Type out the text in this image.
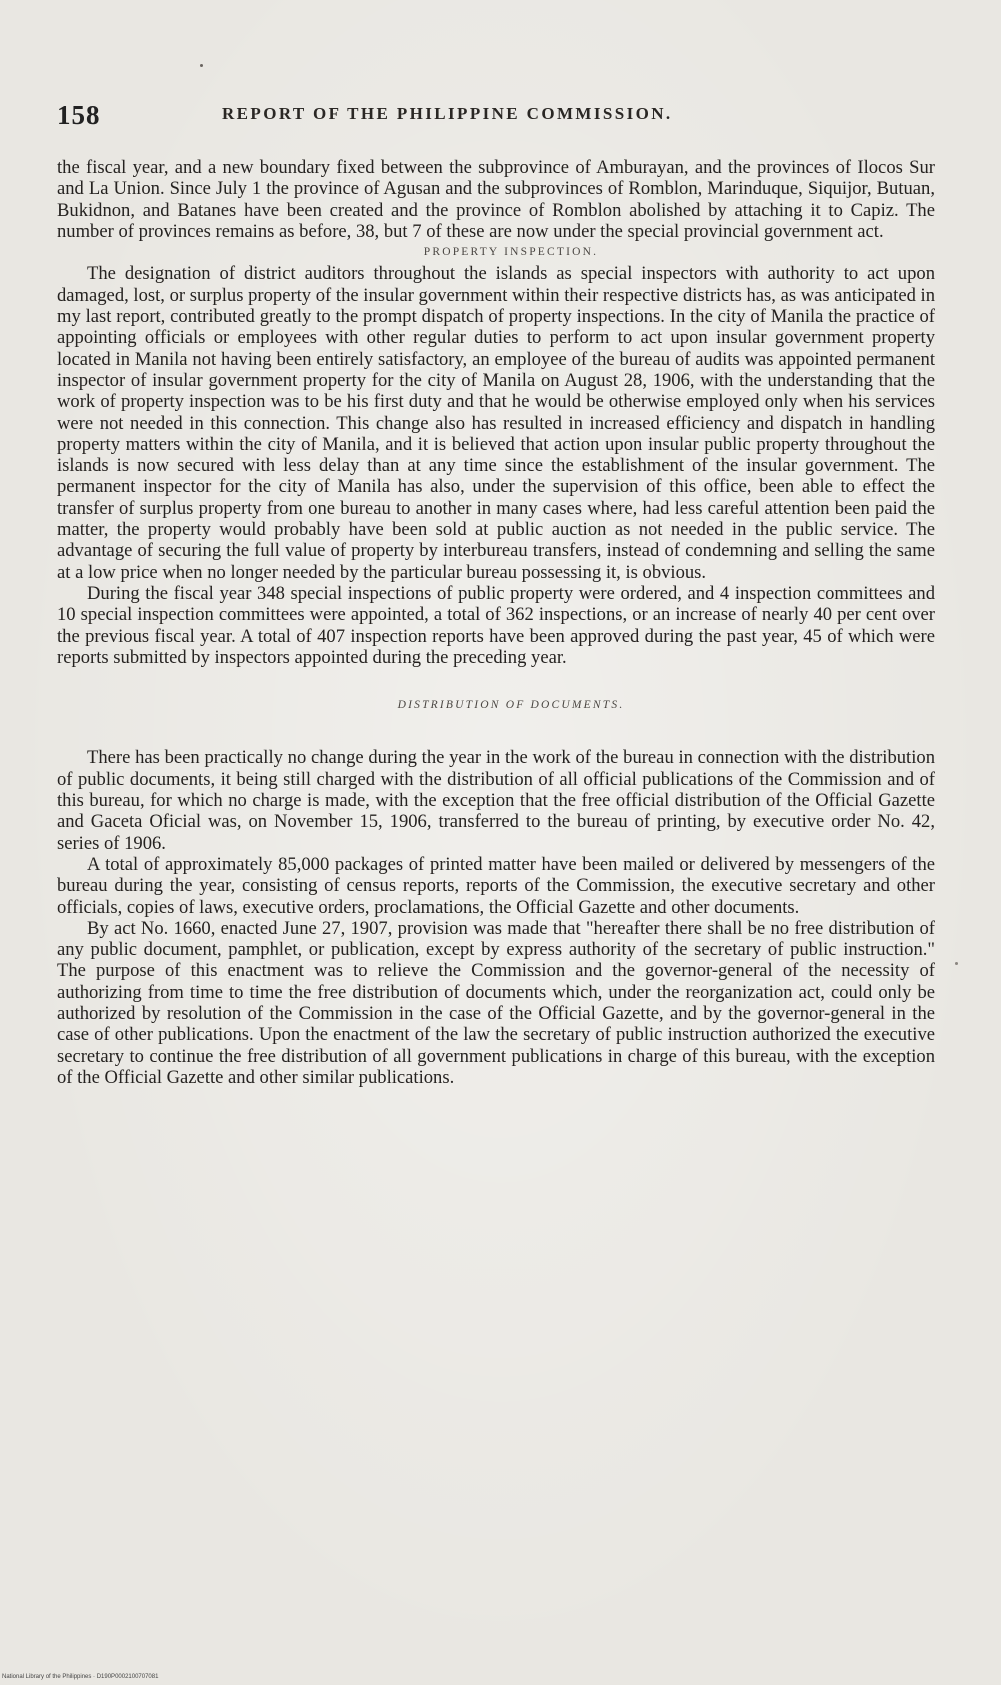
158	REPORT OF THE PHILIPPINE COMMISSION.

the fiscal year, and a new boundary fixed between the subprovince of Amburayan, and the provinces of Ilocos Sur and La Union. Since July 1 the province of Agusan and the subprovinces of Romblon, Marinduque, Siquijor, Butuan, Bukidnon, and Batanes have been created and the province of Romblon abolished by attaching it to Capiz. The number of provinces remains as before, 38, but 7 of these are now under the special provincial government act.

PROPERTY INSPECTION.

The designation of district auditors throughout the islands as special inspectors with authority to act upon damaged, lost, or surplus property of the insular government within their respective districts has, as was anticipated in my last report, contributed greatly to the prompt dispatch of property inspections. In the city of Manila the practice of appointing officials or employees with other regular duties to perform to act upon insular government property located in Manila not having been entirely satisfactory, an employee of the bureau of audits was appointed permanent inspector of insular government property for the city of Manila on August 28, 1906, with the understanding that the work of property inspection was to be his first duty and that he would be otherwise employed only when his services were not needed in this connection. This change also has resulted in increased efficiency and dispatch in handling property matters within the city of Manila, and it is believed that action upon insular public property throughout the islands is now secured with less delay than at any time since the establishment of the insular government. The permanent inspector for the city of Manila has also, under the supervision of this office, been able to effect the transfer of surplus property from one bureau to another in many cases where, had less careful attention been paid the matter, the property would probably have been sold at public auction as not needed in the public service. The advantage of securing the full value of property by interbureau transfers, instead of condemning and selling the same at a low price when no longer needed by the particular bureau possessing it, is obvious.

During the fiscal year 348 special inspections of public property were ordered, and 4 inspection committees and 10 special inspection committees were appointed, a total of 362 inspections, or an increase of nearly 40 per cent over the previous fiscal year. A total of 407 inspection reports have been approved during the past year, 45 of which were reports submitted by inspectors appointed during the preceding year.

DISTRIBUTION OF DOCUMENTS.

There has been practically no change during the year in the work of the bureau in connection with the distribution of public documents, it being still charged with the distribution of all official publications of the Commission and of this bureau, for which no charge is made, with the exception that the free official distribution of the Official Gazette and Gaceta Oficial was, on November 15, 1906, transferred to the bureau of printing, by executive order No. 42, series of 1906.

A total of approximately 85,000 packages of printed matter have been mailed or delivered by messengers of the bureau during the year, consisting of census reports, reports of the Commission, the executive secretary and other officials, copies of laws, executive orders, proclamations, the Official Gazette and other documents.

By act No. 1660, enacted June 27, 1907, provision was made that "hereafter there shall be no free distribution of any public document, pamphlet, or publication, except by express authority of the secretary of public instruction." The purpose of this enactment was to relieve the Commission and the governor-general of the necessity of authorizing from time to time the free distribution of documents which, under the reorganization act, could only be authorized by resolution of the Commission in the case of the Official Gazette, and by the governor-general in the case of other publications. Upon the enactment of the law the secretary of public instruction authorized the executive secretary to continue the free distribution of all government publications in charge of this bureau, with the exception of the Official Gazette and other similar publications.

National Library of the Philippines · D190P0002100707081
